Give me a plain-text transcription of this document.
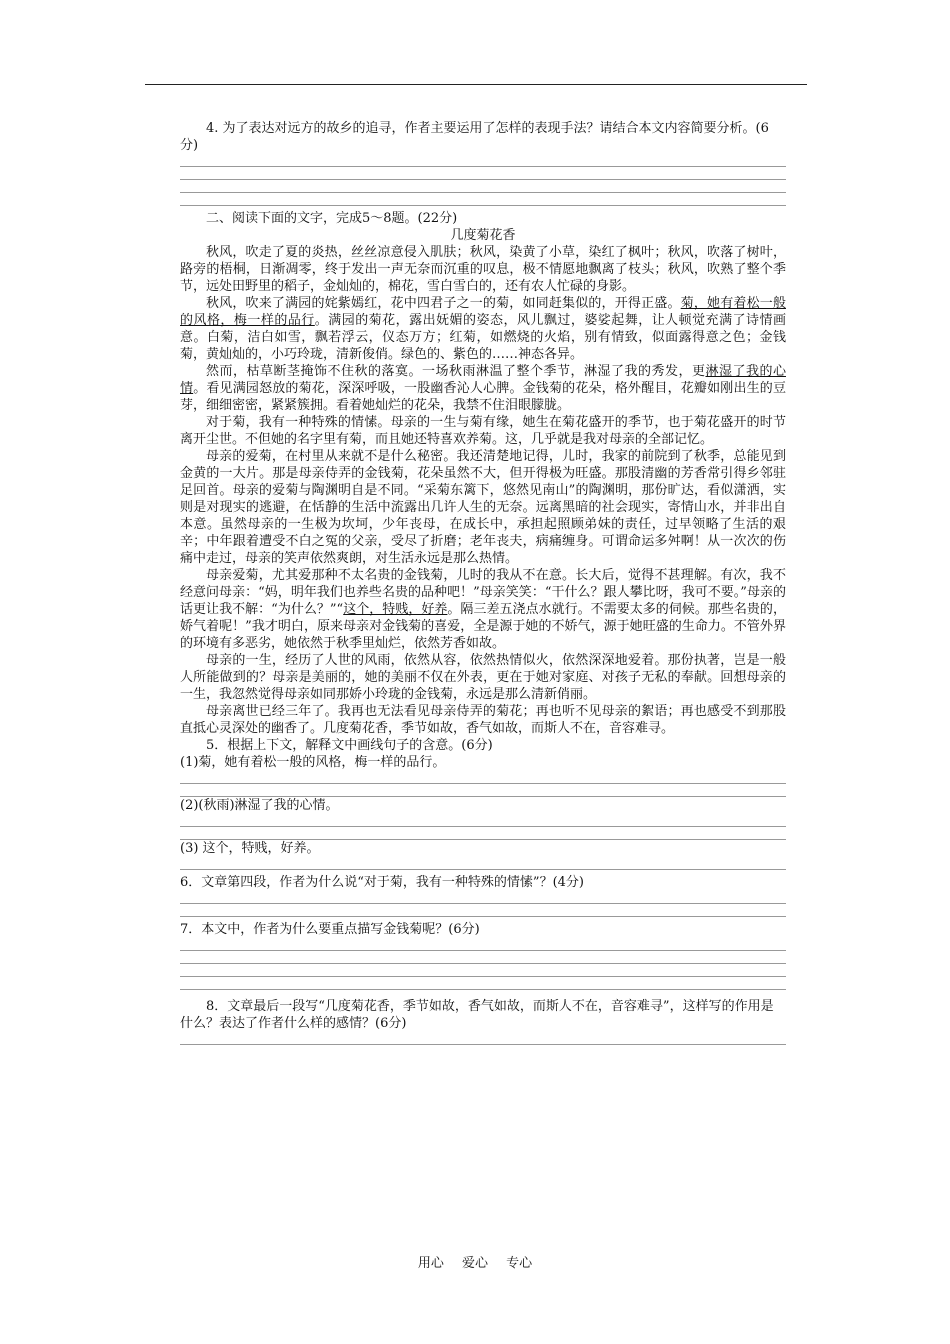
4. 为了表达对远方的故乡的追寻，作者主要运用了怎样的表现手法？请结合本文内容简要分析。(6分)

二、阅读下面的文字，完成5～8题。(22分)

几度菊花香

秋风，吹走了夏的炎热，丝丝凉意侵入肌肤；秋风，染黄了小草，染红了枫叶；秋风，吹落了树叶，路旁的梧桐，日渐凋零，终于发出一声无奈而沉重的叹息，极不情愿地飘离了枝头；秋风，吹熟了整个季节，远处田野里的稻子，金灿灿的，棉花，雪白雪白的，还有农人忙碌的身影。

秋风，吹来了满园的姹紫嫣红，花中四君子之一的菊，如同赶集似的，开得正盛。菊，她有着松一般的风格，梅一样的品行。满园的菊花，露出妩媚的姿态，风儿飘过，婆娑起舞，让人顿觉充满了诗情画意。白菊，洁白如雪，飘若浮云，仪态万方；红菊，如燃烧的火焰，别有情致，似面露得意之色；金钱菊，黄灿灿的，小巧玲珑，清新俊俏。绿色的、紫色的……神态各异。

然而，枯草断茎掩饰不住秋的落寞。一场秋雨淋温了整个季节，淋湿了我的秀发，更淋湿了我的心情。看见满园怒放的菊花，深深呼吸，一股幽香沁人心脾。金钱菊的花朵，格外醒目，花瓣如刚出生的豆芽，细细密密，紧紧簇拥。看着她灿烂的花朵，我禁不住泪眼朦胧。

对于菊，我有一种特殊的情愫。母亲的一生与菊有缘，她生在菊花盛开的季节，也于菊花盛开的时节离开尘世。不但她的名字里有菊，而且她还特喜欢养菊。这，几乎就是我对母亲的全部记忆。

母亲的爱菊，在村里从来就不是什么秘密。我还清楚地记得，儿时，我家的前院到了秋季，总能见到金黄的一大片。那是母亲侍弄的金钱菊，花朵虽然不大，但开得极为旺盛。那股清幽的芳香常引得乡邻驻足回首。母亲的爱菊与陶渊明自是不同。“采菊东篱下，悠然见南山”的陶渊明，那份旷达，看似潇洒，实则是对现实的逃避，在恬静的生活中流露出几许人生的无奈。远离黑暗的社会现实，寄情山水，并非出自本意。虽然母亲的一生极为坎坷，少年丧母，在成长中，承担起照顾弟妹的责任，过早领略了生活的艰辛；中年跟着遭受不白之冤的父亲，受尽了折磨；老年丧夫，病痛缠身。可谓命运多舛啊！从一次次的伤痛中走过，母亲的笑声依然爽朗，对生活永远是那么热情。

母亲爱菊，尤其爱那种不太名贵的金钱菊，儿时的我从不在意。长大后，觉得不甚理解。有次，我不经意问母亲：“妈，明年我们也养些名贵的品种吧！”母亲笑笑：“干什么？跟人攀比呀，我可不要。”母亲的话更让我不解：“为什么？”“这个，特贱，好养。隔三差五浇点水就行。不需要太多的伺候。那些名贵的，娇气着呢！”我才明白，原来母亲对金钱菊的喜爱，全是源于她的不娇气，源于她旺盛的生命力。不管外界的环境有多恶劣，她依然于秋季里灿烂，依然芳香如故。

母亲的一生，经历了人世的风雨，依然从容，依然热情似火，依然深深地爱着。那份执著，岂是一般人所能做到的？母亲是美丽的，她的美丽不仅在外表，更在于她对家庭、对孩子无私的奉献。回想母亲的一生，我忽然觉得母亲如同那娇小玲珑的金钱菊，永远是那么清新俏丽。

母亲离世已经三年了。我再也无法看见母亲侍弄的菊花；再也听不见母亲的絮语；再也感受不到那股直抵心灵深处的幽香了。几度菊花香，季节如故，香气如故，而斯人不在，音容难寻。

5．根据上下文，解释文中画线句子的含意。(6分)

(1)菊，她有着松一般的风格，梅一样的品行。

(2)(秋雨)淋湿了我的心情。

(3) 这个，特贱，好养。

6．文章第四段，作者为什么说“对于菊，我有一种特殊的情愫”？(4分)

7．本文中，作者为什么要重点描写金钱菊呢？(6分)

8．文章最后一段写“几度菊花香，季节如故，香气如故，而斯人不在，音容难寻”，这样写的作用是什么？表达了作者什么样的感情？(6分)

用心 爱心 专心
